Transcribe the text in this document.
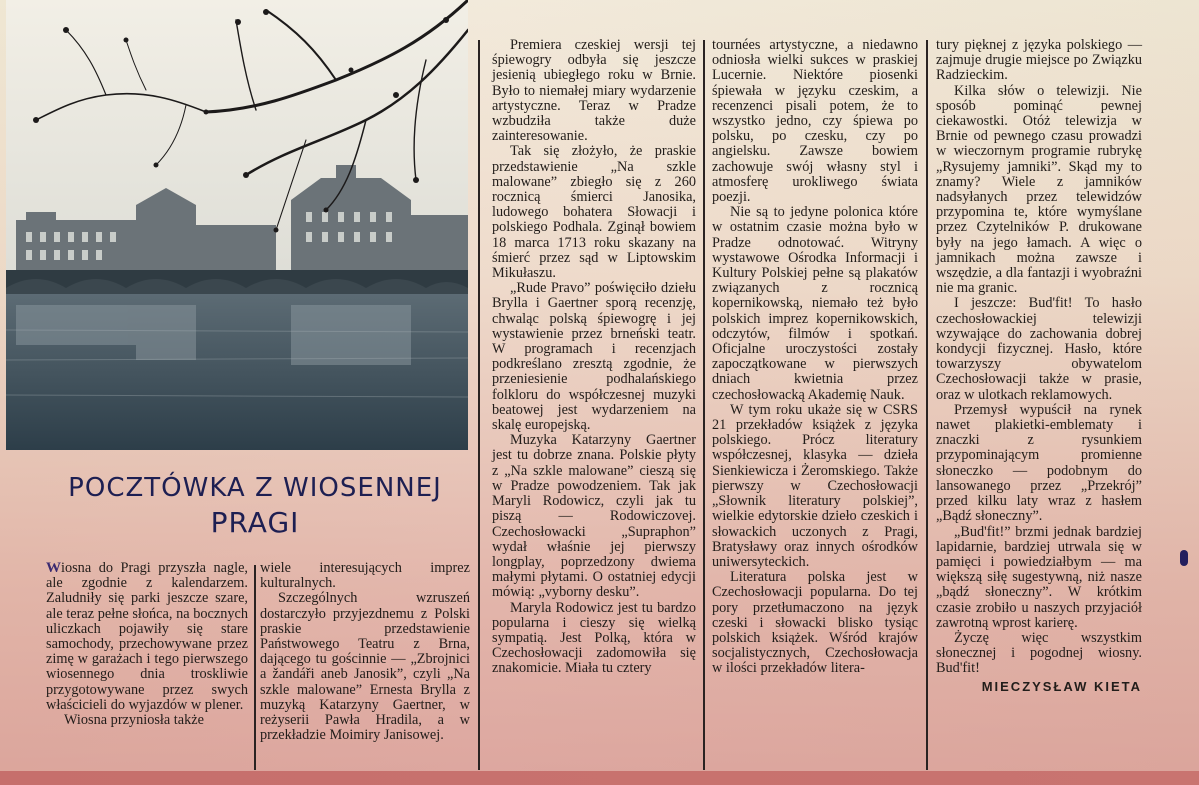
POCZTÓWKA Z WIOSENNEJ
PRAGI

Wiosna do Pragi przyszła nagle, ale zgodnie z kalendarzem. Zaludniły się parki jeszcze szare, ale teraz pełne słońca, na bocznych uliczkach pojawiły się stare samochody, przechowywane przez zimę w garażach i tego pierwszego wiosennego dnia troskliwie przygotowywane przez swych właścicieli do wyjazdów w plener.

Wiosna przyniosła także

wiele interesujących imprez kulturalnych.

Szczególnych wzruszeń dostarczyło przyjezdnemu z Polski praskie przedstawienie Państwowego Teatru z Brna, dającego tu gościnnie — „Zbrojnici a žandáři aneb Janosik”, czyli „Na szkle malowane” Ernesta Brylla z muzyką Katarzyny Gaertner, w reżyserii Pawła Hradila, a w przekładzie Moimiry Janisowej.

Premiera czeskiej wersji tej śpiewogry odbyła się jeszcze jesienią ubiegłego roku w Brnie. Było to niemałej miary wydarzenie artystyczne. Teraz w Pradze wzbudziła także duże zainteresowanie.

Tak się złożyło, że praskie przedstawienie „Na szkle malowane” zbiegło się z 260 rocznicą śmierci Janosika, ludowego bohatera Słowacji i polskiego Podhala. Zginął bowiem 18 marca 1713 roku skazany na śmierć przez sąd w Liptowskim Mikułaszu.

„Rude Pravo” poświęciło dziełu Brylla i Gaertner sporą recenzję, chwaląc polską śpiewogrę i jej wystawienie przez brneński teatr. W programach i recenzjach podkreślano zresztą zgodnie, że przeniesienie podhalańskiego folkloru do współczesnej muzyki beatowej jest wydarzeniem na skalę europejską.

Muzyka Katarzyny Gaertner jest tu dobrze znana. Polskie płyty z „Na szkle malowane” cieszą się w Pradze powodzeniem. Tak jak Maryli Rodowicz, czyli jak tu piszą — Rodowiczovej. Czechosłowacki „Supraphon” wydał właśnie jej pierwszy longplay, poprzedzony dwiema małymi płytami. O ostatniej edycji mówią: „vyborny desku”.

Maryla Rodowicz jest tu bardzo popularna i cieszy się wielką sympatią. Jest Polką, która w Czechosłowacji zadomowiła się znakomicie. Miała tu cztery

tournées artystyczne, a niedawno odniosła wielki sukces w praskiej Lucernie. Niektóre piosenki śpiewała w języku czeskim, a recenzenci pisali potem, że to wszystko jedno, czy śpiewa po polsku, po czesku, czy po angielsku. Zawsze bowiem zachowuje swój własny styl i atmosferę urokliwego świata poezji.

Nie są to jedyne polonica które w ostatnim czasie można było w Pradze odnotować. Witryny wystawowe Ośrodka Informacji i Kultury Polskiej pełne są plakatów związanych z rocznicą kopernikowską, niemało też było polskich imprez kopernikowskich, odczytów, filmów i spotkań. Oficjalne uroczystości zostały zapoczątkowane w pierwszych dniach kwietnia przez czechosłowacką Akademię Nauk.

W tym roku ukaże się w CSRS 21 przekładów książek z języka polskiego. Prócz literatury współczesnej, klasyka — dzieła Sienkiewicza i Żeromskiego. Także pierwszy w Czechosłowacji „Słownik literatury polskiej”, wielkie edytorskie dzieło czeskich i słowackich uczonych z Pragi, Bratysławy oraz innych ośrodków uniwersyteckich.

Literatura polska jest w Czechosłowacji popularna. Do tej pory przetłumaczono na język czeski i słowacki blisko tysiąc polskich książek. Wśród krajów socjalistycznych, Czechosłowacja w ilości przekładów litera-

tury pięknej z języka polskiego — zajmuje drugie miejsce po Związku Radzieckim.

Kilka słów o telewizji. Nie sposób pominąć pewnej ciekawostki. Otóż telewizja w Brnie od pewnego czasu prowadzi w wieczornym programie rubrykę „Rysujemy jamniki”. Skąd my to znamy? Wiele z jamników nadsyłanych przez telewidzów przypomina te, które wymyślane przez Czytelników P. drukowane były na jego łamach. A więc o jamnikach można zawsze i wszędzie, a dla fantazji i wyobraźni nie ma granic.

I jeszcze: Bud'fit! To hasło czechosłowackiej telewizji wzywające do zachowania dobrej kondycji fizycznej. Hasło, które towarzyszy obywatelom Czechosłowacji także w prasie, oraz w ulotkach reklamowych.

Przemysł wypuścił na rynek nawet plakietki-emblematy i znaczki z rysunkiem przypominającym promienne słoneczko — podobnym do lansowanego przez „Przekrój” przed kilku laty wraz z hasłem „Bądź słoneczny”.

„Bud'fit!” brzmi jednak bardziej lapidarnie, bardziej utrwala się w pamięci i powiedziałbym — ma większą siłę sugestywną, niż nasze „bądź słoneczny”. W krótkim czasie zrobiło u naszych przyjaciół zawrotną wprost karierę.

Życzę więc wszystkim słonecznej i pogodnej wiosny. Bud'fit!

MIECZYSŁAW KIETA
